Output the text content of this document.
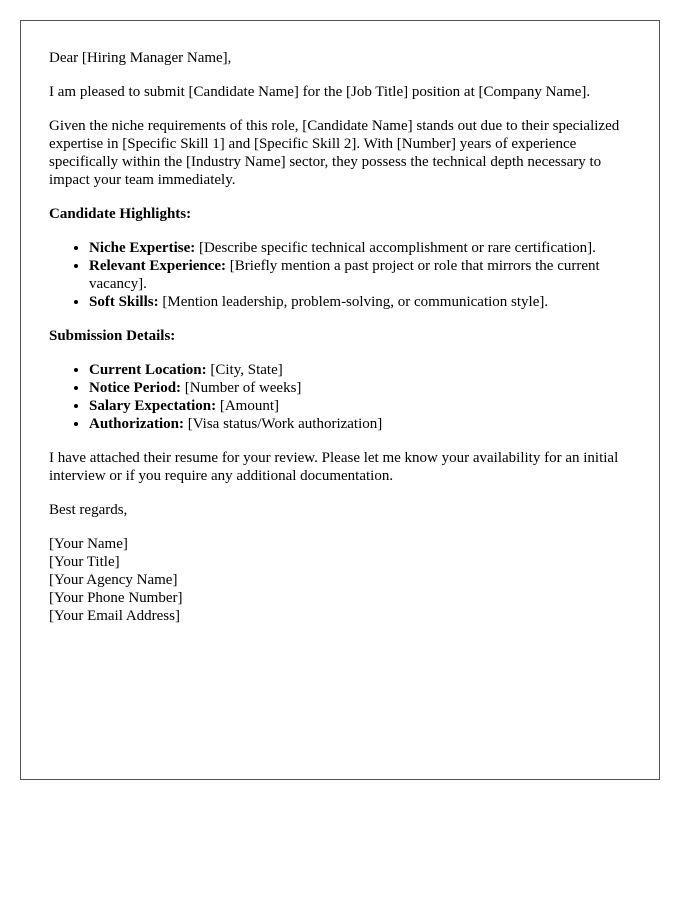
Dear [Hiring Manager Name],

I am pleased to submit [Candidate Name] for the [Job Title] position at [Company Name].

Given the niche requirements of this role, [Candidate Name] stands out due to their specialized expertise in [Specific Skill 1] and [Specific Skill 2]. With [Number] years of experience specifically within the [Industry Name] sector, they possess the technical depth necessary to impact your team immediately.

Candidate Highlights:
• Niche Expertise: [Describe specific technical accomplishment or rare certification].
• Relevant Experience: [Briefly mention a past project or role that mirrors the current vacancy].
• Soft Skills: [Mention leadership, problem-solving, or communication style].
Submission Details:
• Current Location: [City, State]
• Notice Period: [Number of weeks]
• Salary Expectation: [Amount]
• Authorization: [Visa status/Work authorization]

I have attached their resume for your review. Please let me know your availability for an initial interview or if you require any additional documentation.

Best regards,

[Your Name]
[Your Title]
[Your Agency Name]
[Your Phone Number]
[Your Email Address]
